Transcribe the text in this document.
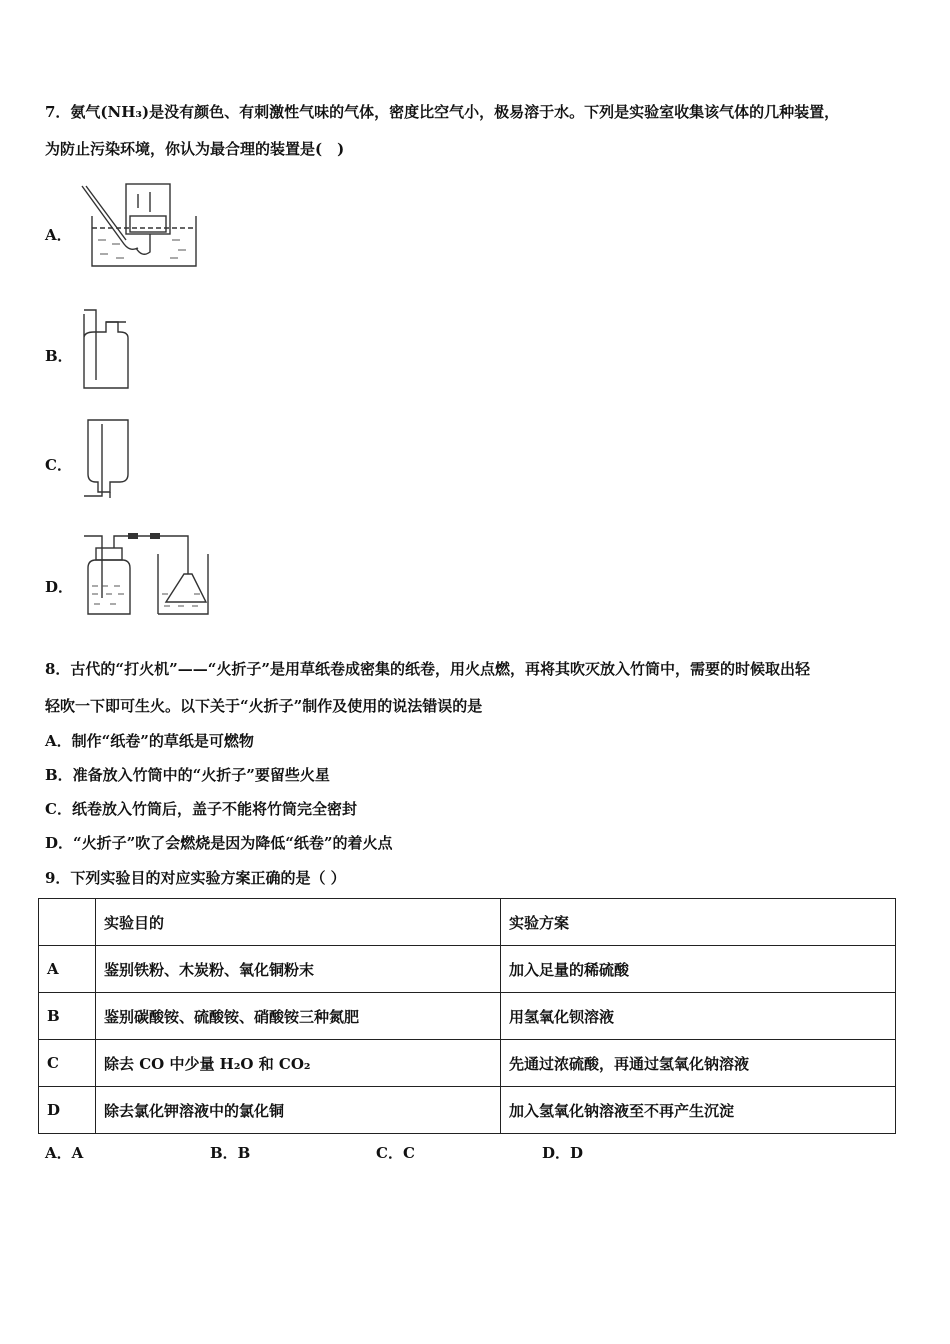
7．氨气(NH₃)是没有颜色、有刺激性气味的气体，密度比空气小，极易溶于水。下列是实验室收集该气体的几种装置，
为防止污染环境，你认为最合理的装置是(　)
A．
B．
C．
D．
8．古代的“打火机”——“火折子”是用草纸卷成密集的纸卷，用火点燃，再将其吹灭放入竹筒中，需要的时候取出轻
轻吹一下即可生火。以下关于“火折子”制作及使用的说法错误的是
A．制作“纸卷”的草纸是可燃物
B．准备放入竹筒中的“火折子”要留些火星
C．纸卷放入竹筒后，盖子不能将竹筒完全密封
D．“火折子”吹了会燃烧是因为降低“纸卷”的着火点
9．下列实验目的对应实验方案正确的是（ ）
	实验目的	实验方案
A	鉴别铁粉、木炭粉、氧化铜粉末	加入足量的稀硫酸
B	鉴别碳酸铵、硫酸铵、硝酸铵三种氮肥	用氢氧化钡溶液
C	除去 CO 中少量 H₂O 和 CO₂	先通过浓硫酸，再通过氢氧化钠溶液
D	除去氯化钾溶液中的氯化铜	加入氢氧化钠溶液至不再产生沉淀
A．A	B．B	C．C	D．D
